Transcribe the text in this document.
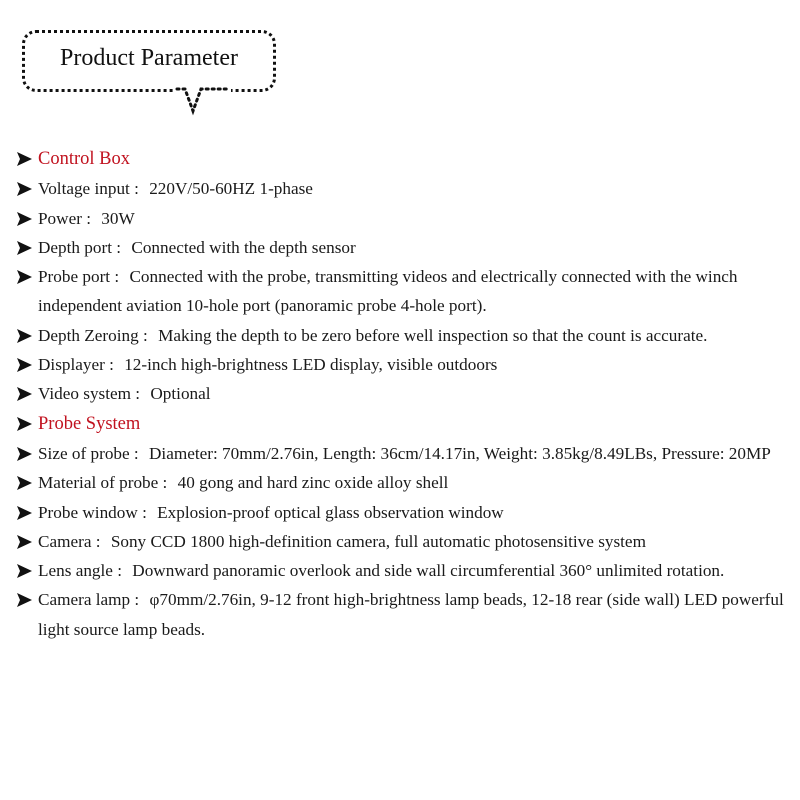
Product Parameter
Control Box
Voltage input : 220V/50-60HZ 1-phase
Power : 30W
Depth port : Connected with the depth sensor
Probe port : Connected with the probe, transmitting videos and electrically connected with the winch independent aviation 10-hole port (panoramic probe 4-hole port).
Depth Zeroing : Making the depth to be zero before well inspection so that the count is accurate.
Displayer : 12-inch high-brightness LED display, visible outdoors
Video system : Optional
Probe System
Size of probe : Diameter: 70mm/2.76in, Length: 36cm/14.17in, Weight: 3.85kg/8.49LBs, Pressure: 20MP
Material of probe : 40 gong and hard zinc oxide alloy shell
Probe window : Explosion-proof optical glass observation window
Camera : Sony CCD 1800 high-definition camera, full automatic photosensitive system
Lens angle : Downward panoramic overlook and side wall circumferential 360° unlimited rotation.
Camera lamp : φ70mm/2.76in, 9-12 front high-brightness lamp beads, 12-18 rear (side wall) LED powerful light source lamp beads.
